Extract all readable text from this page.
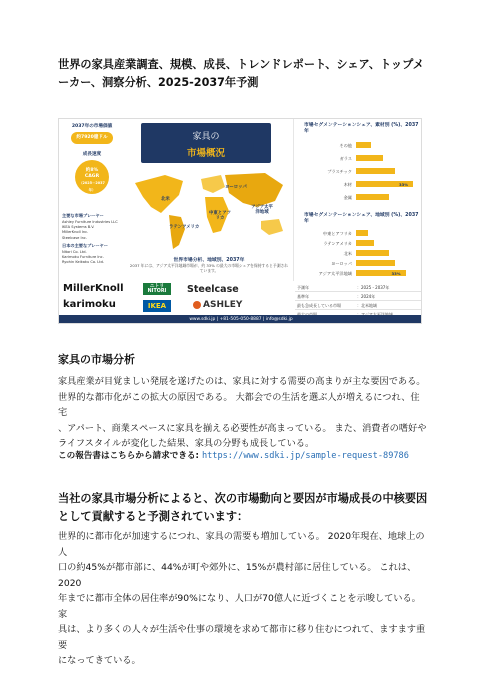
世界の家具産業調査、規模、成長、トレンドレポート、シェア、トップメーカー、洞察分析、2025-2037年予測
2037年の市場価値
約7920億ドル
成長速度
約8%
CAGR
（2025－2037年）
主要な市場プレーヤー
Ashley Furniture Industries LLC
IKEA Systems B.V.
MillerKnoll Inc.
Steelcase Inc.
日本の主要なプレーヤー
Nitori Co. Ltd.
Karimoku Furniture Inc.
Ryohin Keikaku Co. Ltd.
家具の
市場概況
ヨーロッパ
北米
中東とアフリカ
アジア太平洋地域
ラテンアメリカ
世界市場分析、地域別、2037年
2037 年には、アジア太平洋地域市場が、約 33% の最大の市場シェアを保持すると予測されています。
市場セグメンテーションシェア、素材別 (%)、2037年
その他
ガラス
プラスチック
木材	33%
金属
市場セグメンテーションシェア、地域別 (%)、2037 年
中東とアフリカ
ラテンアメリカ
北米
ヨーロッパ
アジア太平洋地域	33%
MillerKnoll
karimoku
ニトリ
NITORI
IKEA
Steelcase
ASHLEY
予測年	：2025 - 2037年
基準年	：2024年
最も急成長している市場	：北米地域
www.sdki.jp | +81-505-050-8887 | info@sdki.jp
家具の市場分析
家具産業が目覚ましい発展を遂げたのは、家具に対する需要の高まりが主な要因である。
世界的な都市化がこの拡大の原因である。 大都会での生活を選ぶ人が増えるにつれ、住宅
、アパート、商業スペースに家具を揃える必要性が高まっている。 また、消費者の嗜好や
ライフスタイルが変化した結果、家具の分野も成長している。
この報告書はこちらから請求できる: https://www.sdki.jp/sample-request-89786
当社の家具市場分析によると、次の市場動向と要因が市場成長の中核要因として貢献すると予測されています：
世界的に都市化が加速するにつれ、家具の需要も増加している。 2020年現在、地球上の人
口の約45%が都市部に、44%が町や郊外に、15%が農村部に居住している。 これは、2020
年までに都市全体の居住率が90%になり、人口が70億人に近づくことを示唆している。 家
具は、より多くの人々が生活や仕事の環境を求めて都市に移り住むにつれて、ますます重要
になってきている。
